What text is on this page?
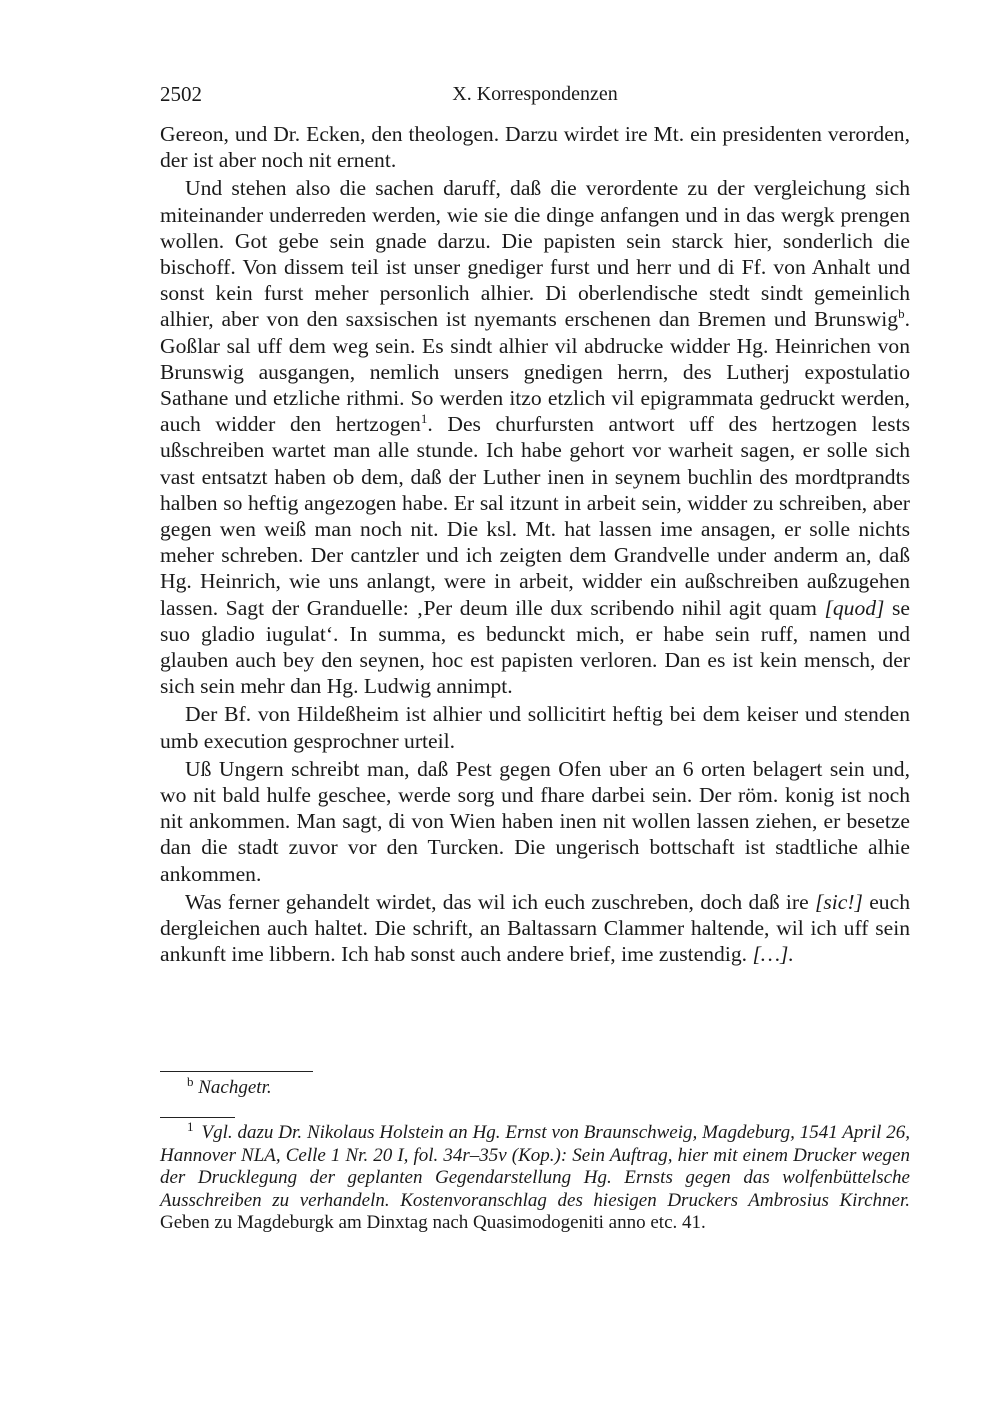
2502	X. Korrespondenzen

Gereon, und Dr. Ecken, den theologen. Darzu wirdet ire Mt. ein presidenten verorden, der ist aber noch nit ernent.

Und stehen also die sachen daruff, daß die verordente zu der vergleichung sich miteinander underreden werden, wie sie die dinge anfangen und in das wergk prengen wollen. Got gebe sein gnade darzu. Die papisten sein starck hier, sonderlich die bischoff. Von dissem teil ist unser gnediger furst und herr und di Ff. von Anhalt und sonst kein furst meher personlich alhier. Di oberlendische stedt sindt gemeinlich alhier, aber von den saxsischen ist nyemants erschenen dan Bremen und Brunswig$^b$. Goßlar sal uff dem weg sein. Es sindt alhier vil abdrucke widder Hg. Heinrichen von Brunswig ausgangen, nemlich unsers gnedigen herrn, des Lutherj expostulatio Sathane und etzliche rithmi. So werden itzo etzlich vil epigrammata gedruckt werden, auch widder den hertzogen$^1$. Des churfursten antwort uff des hertzogen lests ußschreiben wartet man alle stunde. Ich habe gehort vor warheit sagen, er solle sich vast entsatzt haben ob dem, daß der Luther inen in seynem buchlin des mordtprandts halben so heftig angezogen habe. Er sal itzunt in arbeit sein, widder zu schreiben, aber gegen wen weiß man noch nit. Die ksl. Mt. hat lassen ime ansagen, er solle nichts meher schreben. Der cantzler und ich zeigten dem Grandvelle under anderm an, daß Hg. Heinrich, wie uns anlangt, were in arbeit, widder ein außschreiben außzugehen lassen. Sagt der Granduelle: ‚Per deum ille dux scribendo nihil agit quam [quod] se suo gladio iugulat‘. In summa, es bedunckt mich, er habe sein ruff, namen und glauben auch bey den seynen, hoc est papisten verloren. Dan es ist kein mensch, der sich sein mehr dan Hg. Ludwig annimpt.

Der Bf. von Hildeßheim ist alhier und sollicitirt heftig bei dem keiser und stenden umb execution gesprochner urteil.

Uß Ungern schreibt man, daß Pest gegen Ofen uber an 6 orten belagert sein und, wo nit bald hulfe geschee, werde sorg und fhare darbei sein. Der röm. konig ist noch nit ankommen. Man sagt, di von Wien haben inen nit wollen lassen ziehen, er besetze dan die stadt zuvor vor den Turcken. Die ungerisch bottschaft ist stadtliche alhie ankommen.

Was ferner gehandelt wirdet, das wil ich euch zuschreben, doch daß ire [sic!] euch dergleichen auch haltet. Die schrift, an Baltassarn Clammer haltende, wil ich uff sein ankunft ime libbern. Ich hab sonst auch andere brief, ime zustendig. […].

$^b$ Nachgetr.
$^1$ Vgl. dazu Dr. Nikolaus Holstein an Hg. Ernst von Braunschweig, Magdeburg, 1541 April 26, Hannover NLA, Celle 1 Nr. 20 I, fol. 34r–35v (Kop.): Sein Auftrag, hier mit einem Drucker wegen der Drucklegung der geplanten Gegendarstellung Hg. Ernsts gegen das wolfenbüttelsche Ausschreiben zu verhandeln. Kostenvoranschlag des hiesigen Druckers Ambrosius Kirchner. Geben zu Magdeburgk am Dinxtag nach Quasimodogeniti anno etc. 41.
